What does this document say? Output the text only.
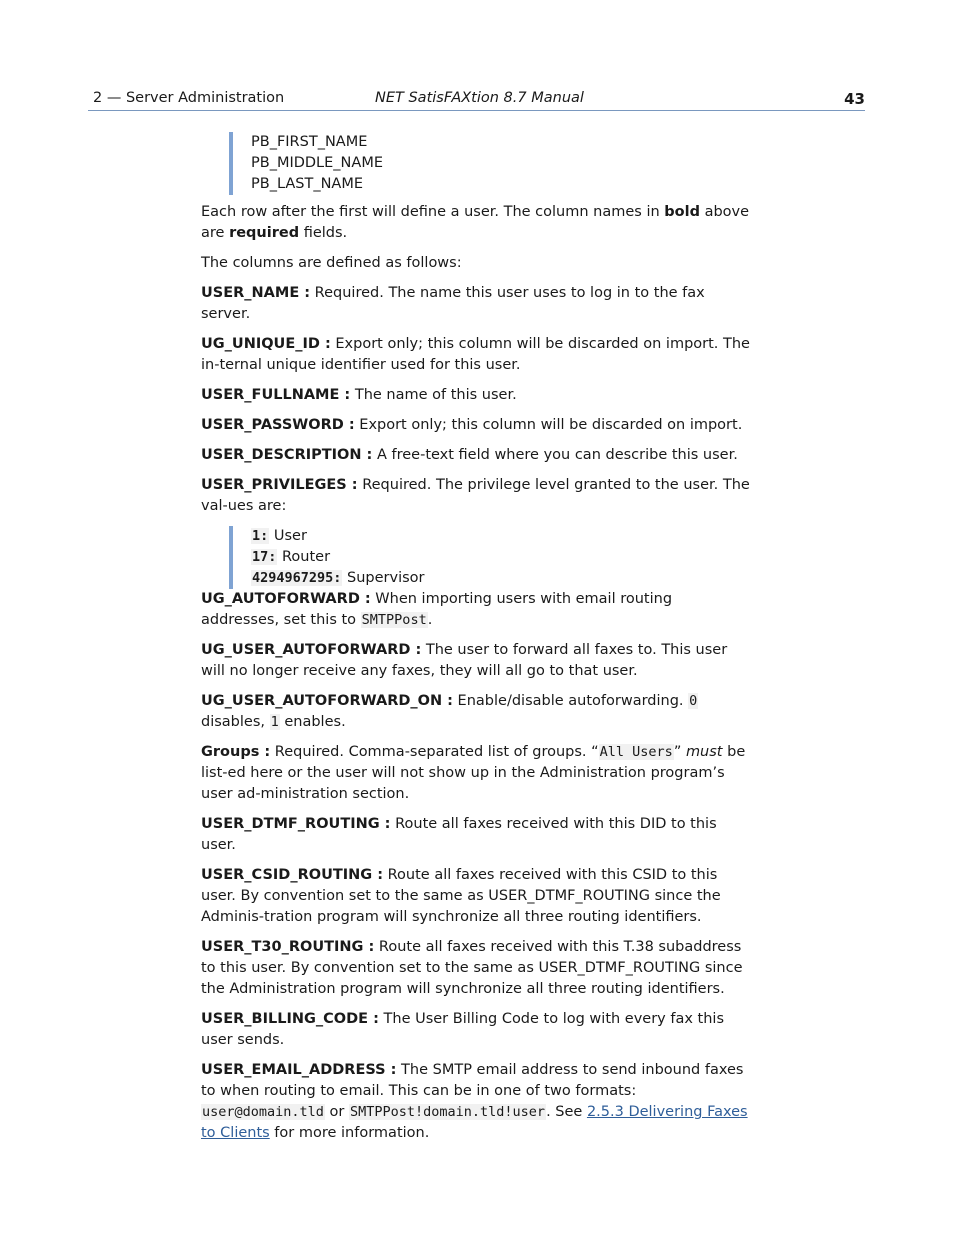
2 — Server Administration	NET SatisFAXtion 8.7 Manual	43
PB_FIRST_NAME
PB_MIDDLE_NAME
PB_LAST_NAME

Each row after the first will define a user. The column names in bold above are required fields.

The columns are defined as follows:

USER_NAME : Required. The name this user uses to log in to the fax server.

UG_UNIQUE_ID : Export only; this column will be discarded on import. The in-ternal unique identifier used for this user.

USER_FULLNAME : The name of this user.

USER_PASSWORD : Export only; this column will be discarded on import.

USER_DESCRIPTION : A free-text field where you can describe this user.

USER_PRIVILEGES : Required. The privilege level granted to the user. The val-ues are:

1: User
17: Router
4294967295: Supervisor

UG_AUTOFORWARD : When importing users with email routing addresses, set this to SMTPPost.

UG_USER_AUTOFORWARD : The user to forward all faxes to. This user will no longer receive any faxes, they will all go to that user.

UG_USER_AUTOFORWARD_ON : Enable/disable autoforwarding. 0 disables, 1 enables.

Groups : Required. Comma-separated list of groups. “All Users” must be list-ed here or the user will not show up in the Administration program’s user ad-ministration section.

USER_DTMF_ROUTING : Route all faxes received with this DID to this user.

USER_CSID_ROUTING : Route all faxes received with this CSID to this user. By convention set to the same as USER_DTMF_ROUTING since the Adminis-tration program will synchronize all three routing identifiers.

USER_T30_ROUTING : Route all faxes received with this T.38 subaddress to this user. By convention set to the same as USER_DTMF_ROUTING since the Administration program will synchronize all three routing identifiers.

USER_BILLING_CODE : The User Billing Code to log with every fax this user sends.

USER_EMAIL_ADDRESS : The SMTP email address to send inbound faxes to when routing to email. This can be in one of two formats: user@domain.tld or SMTPPost!domain.tld!user. See 2.5.3 Delivering Faxes to Clients for more information.
